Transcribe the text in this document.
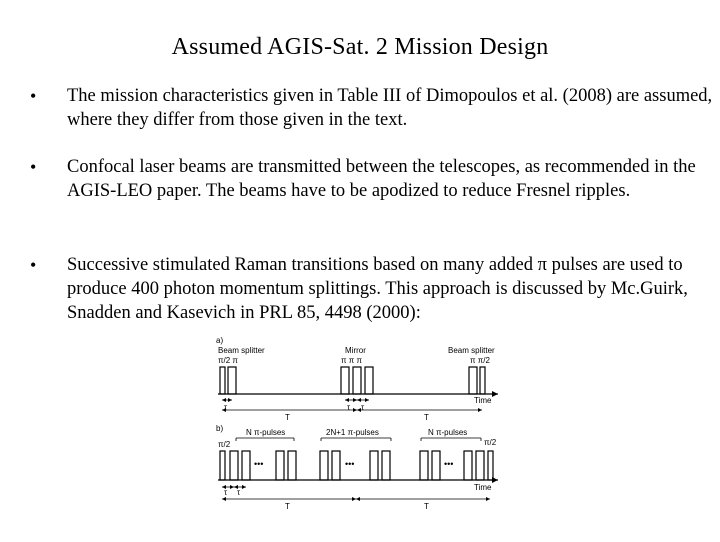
Assumed AGIS-Sat. 2 Mission Design
• The mission characteristics given in Table III of Dimopoulos et al. (2008) are assumed, where they differ from those given in the text.
• Confocal laser beams are transmitted between the telescopes, as recommended in the AGIS-LEO paper. The beams have to be apodized to reduce Fresnel ripples.
• Successive stimulated Raman transitions based on many added π pulses are used to produce 400 photon momentum splittings. This approach is discussed by Mc.Guirk, Snadden and Kasevich in PRL 85, 4498 (2000):
a)
Beam splitter	Mirror	Beam splitter
π/2 π	π π π	π π/2
τ	τ τ
T	T
Time
b)	N π-pulses	2N+1 π-pulses	N π-pulses
π/2	π/2
•••	•••	•••
τ τ
T	T
Time
